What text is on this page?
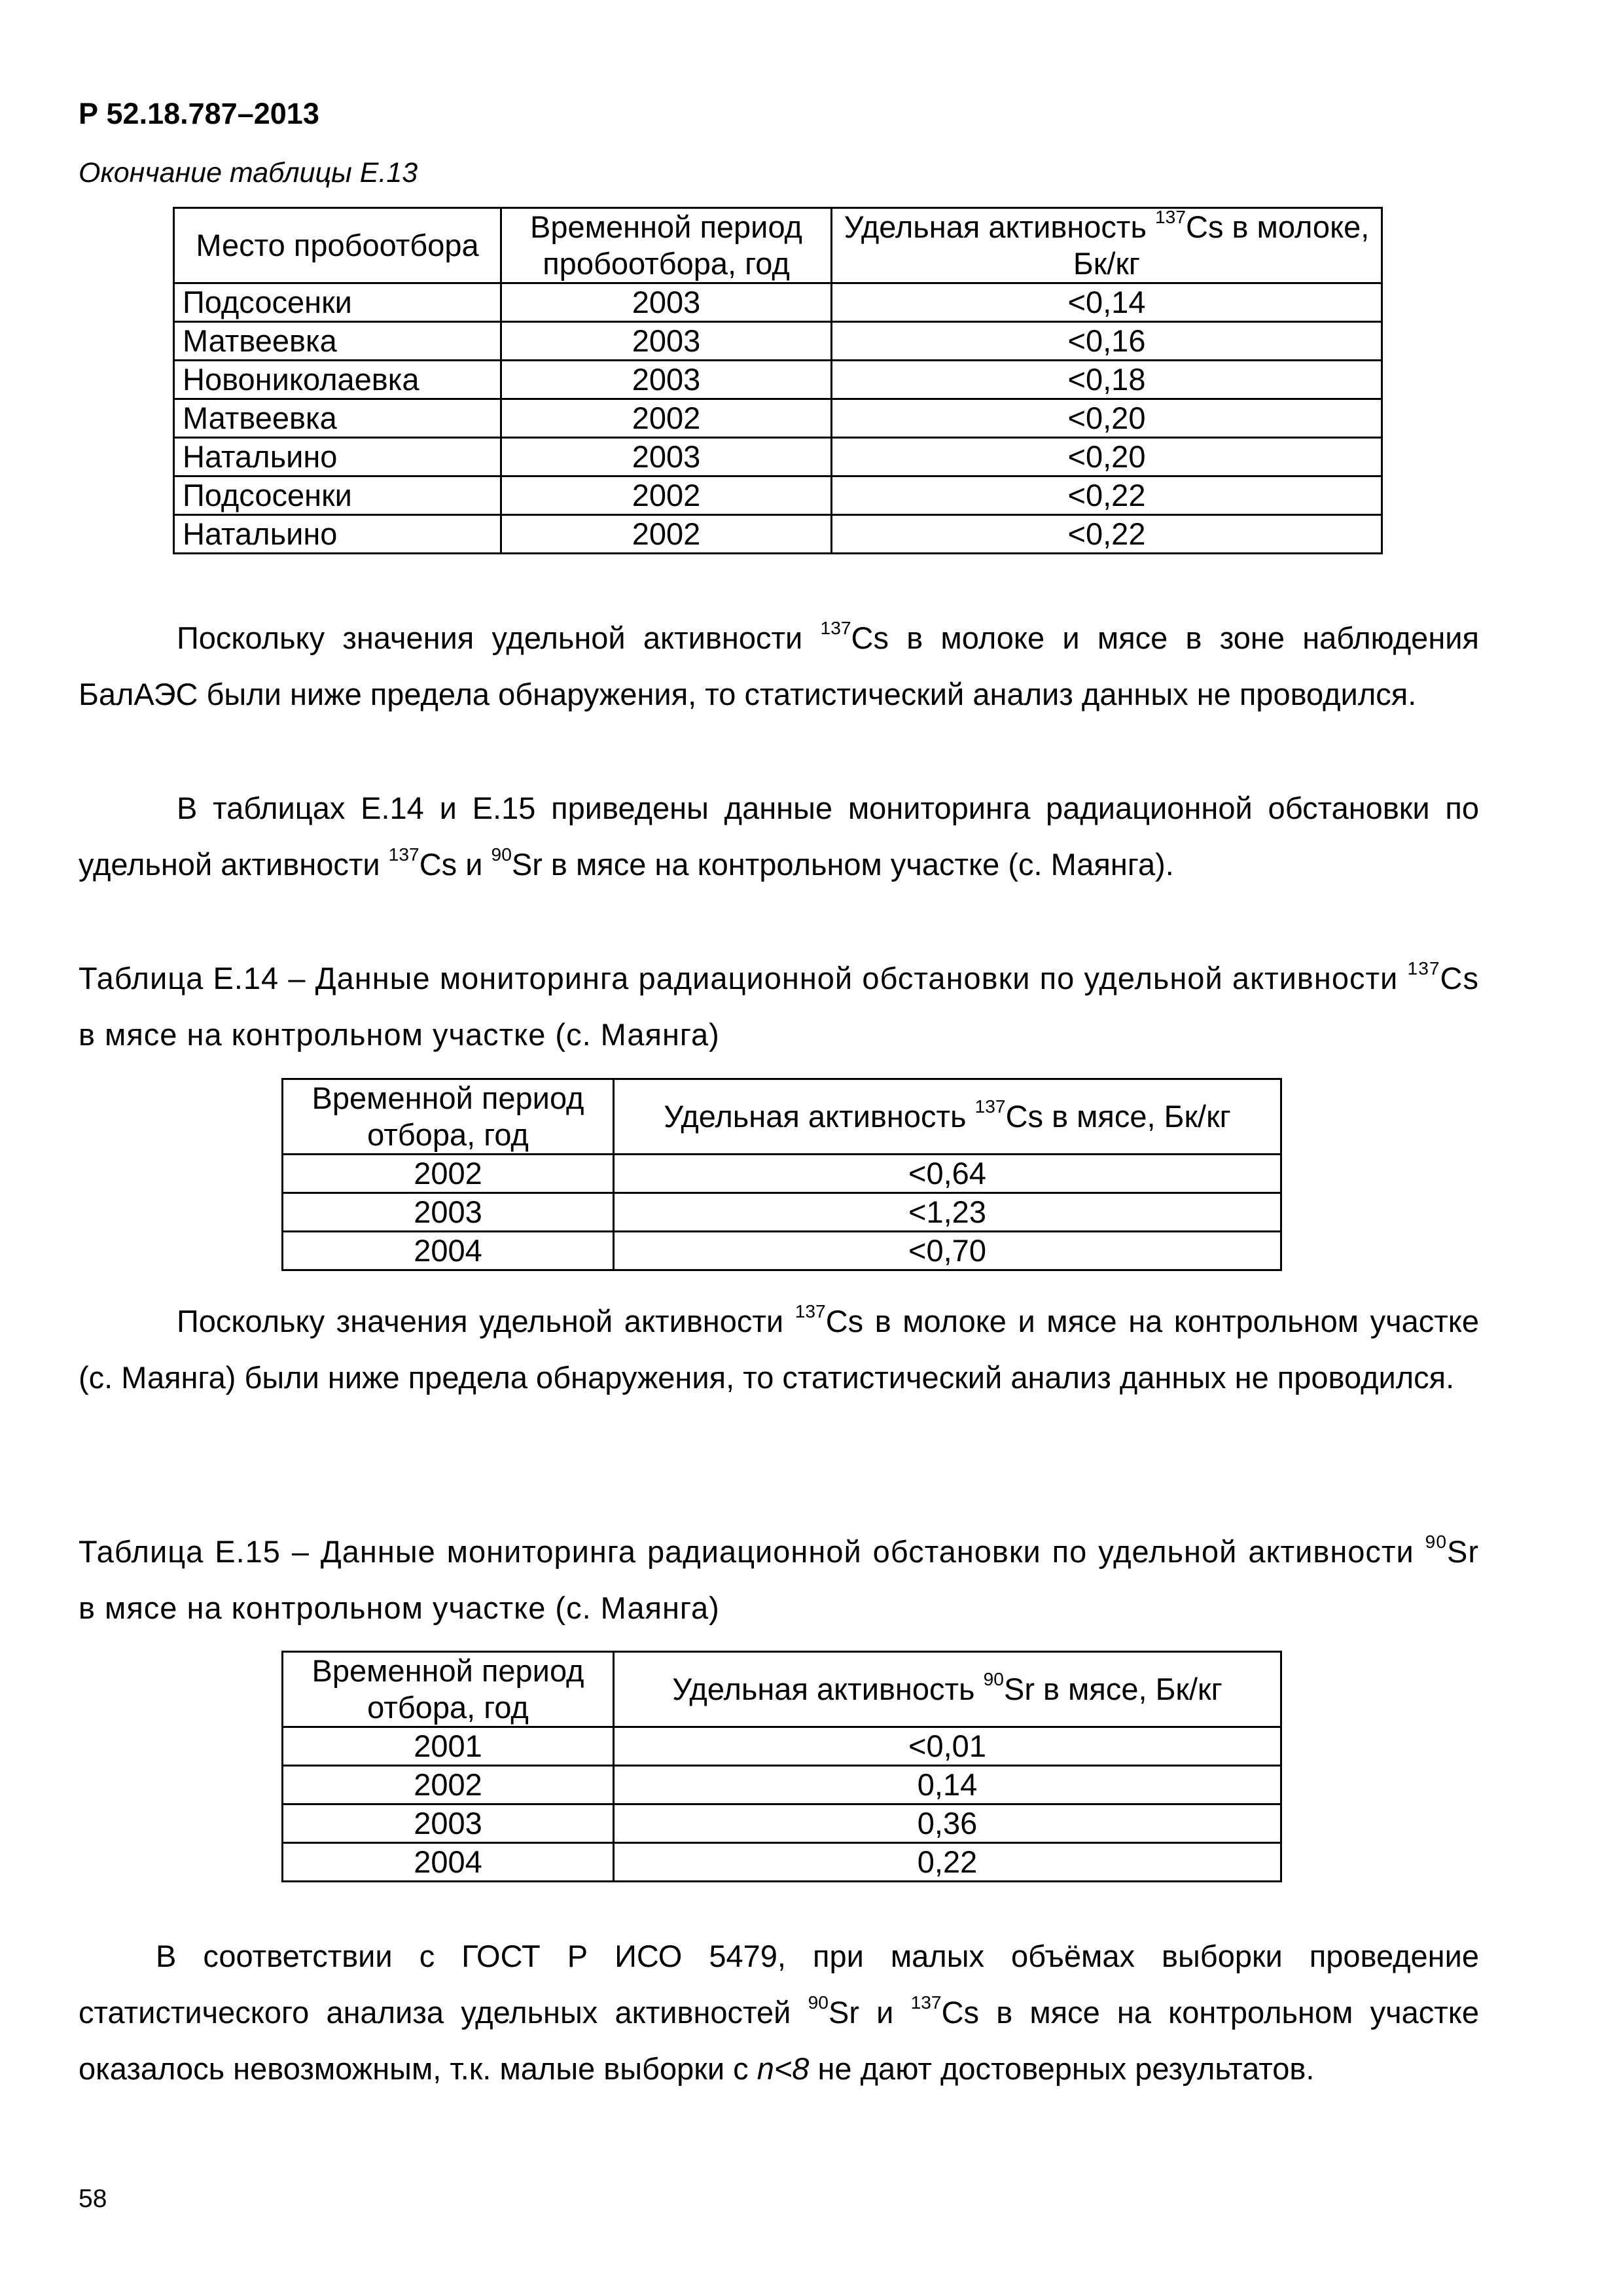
Р 52.18.787–2013
Окончание таблицы Е.13
Место пробоотбора	Временной период пробоотбора, год	Удельная активность $^{137}$Cs в молоке, Бк/кг
Подсосенки	2003	<0,14
Матвеевка	2003	<0,16
Новониколаевка	2003	<0,18
Матвеевка	2002	<0,20
Натальино	2003	<0,20
Подсосенки	2002	<0,22
Натальино	2002	<0,22

Поскольку значения удельной активности $^{137}$Cs в молоке и мясе в зоне наблюдения БалАЭС были ниже предела обнаружения, то статистический анализ данных не проводился.

В таблицах Е.14 и Е.15 приведены данные мониторинга радиационной обстановки по удельной активности $^{137}$Cs и $^{90}$Sr в мясе на контрольном участке (с. Маянга).

Таблица Е.14 – Данные мониторинга радиационной обстановки по удельной активности $^{137}$Cs в мясе на контрольном участке (с. Маянга)

Временной период отбора, год	Удельная активность $^{137}$Cs в мясе, Бк/кг
2002	<0,64
2003	<1,23
2004	<0,70

Поскольку значения удельной активности $^{137}$Cs в молоке и мясе на контрольном участке (с. Маянга) были ниже предела обнаружения, то статистический анализ данных не проводился.

Таблица Е.15 – Данные мониторинга радиационной обстановки по удельной активности $^{90}$Sr в мясе на контрольном участке (с. Маянга)

Временной период отбора, год	Удельная активность $^{90}$Sr в мясе, Бк/кг
2001	<0,01
2002	0,14
2003	0,36
2004	0,22

В соответствии с ГОСТ Р ИСО 5479, при малых объёмах выборки проведение статистического анализа удельных активностей $^{90}$Sr и $^{137}$Cs в мясе на контрольном участке оказалось невозможным, т.к. малые выборки с n<8 не дают достоверных результатов.

58
